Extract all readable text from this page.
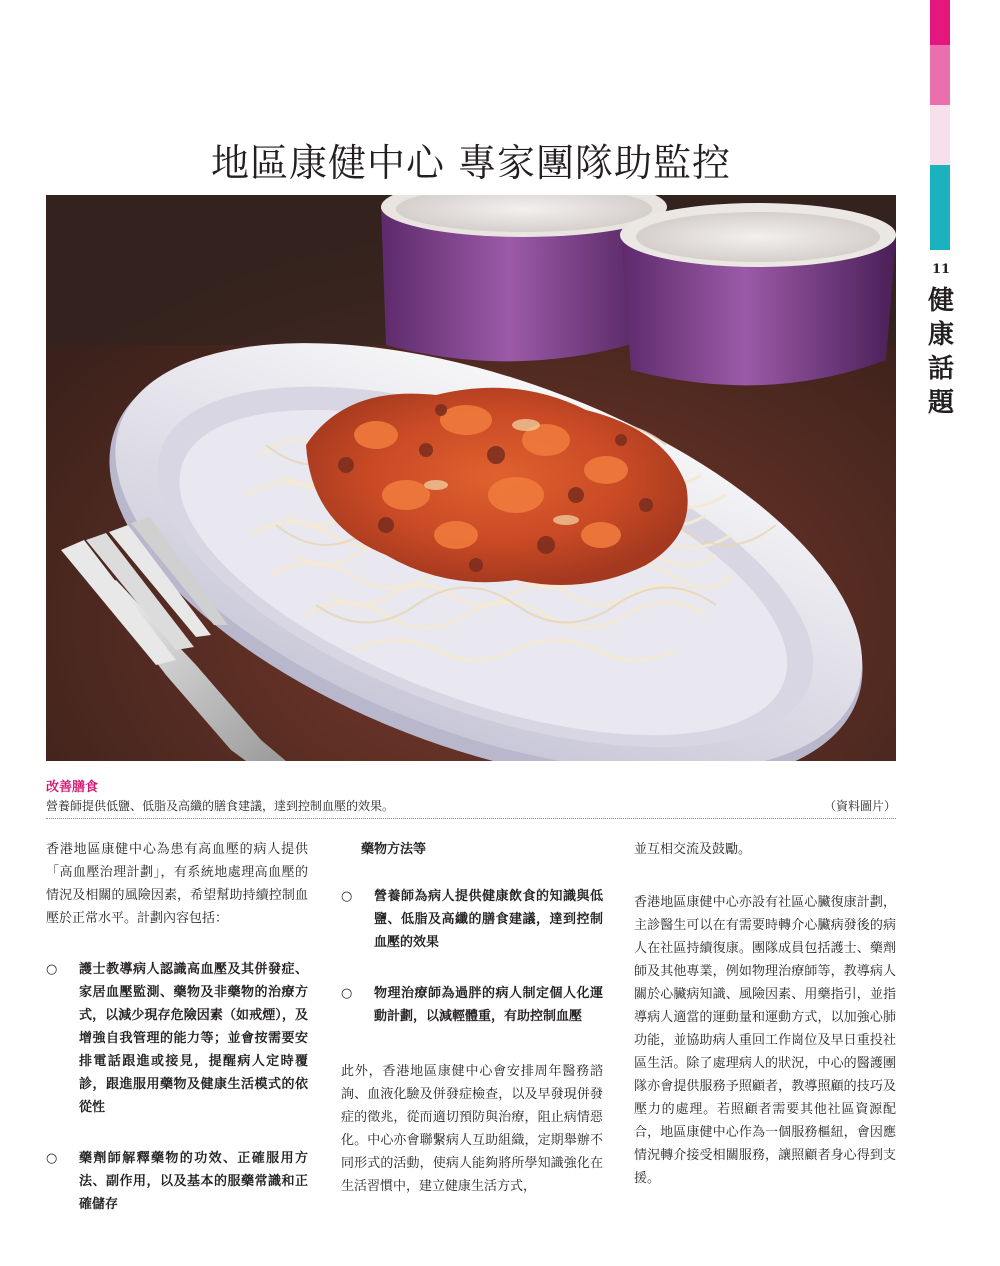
11
健
康
話
題
地區康健中心 專家團隊助監控
改善膳食
營養師提供低鹽、低脂及高纖的膳食建議，達到控制血壓的效果。	（資料圖片）

香港地區康健中心為患有高血壓的病人提供「高血壓治理計劃」，有系統地處理高血壓的情況及相關的風險因素，希望幫助持續控制血壓於正常水平。計劃內容包括：

○ 護士教導病人認識高血壓及其併發症、家居血壓監測、藥物及非藥物的治療方式，以減少現存危險因素（如戒煙），及增強自我管理的能力等；並會按需要安排電話跟進或接見，提醒病人定時覆診，跟進服用藥物及健康生活模式的依從性

○ 藥劑師解釋藥物的功效、正確服用方法、副作用，以及基本的服藥常識和正確儲存

藥物方法等

○ 營養師為病人提供健康飲食的知識與低鹽、低脂及高纖的膳食建議，達到控制血壓的效果

○ 物理治療師為過胖的病人制定個人化運動計劃，以減輕體重，有助控制血壓

此外，香港地區康健中心會安排周年醫務諮詢、血液化驗及併發症檢查，以及早發現併發症的徵兆，從而適切預防與治療，阻止病情惡化。中心亦會聯繫病人互助組織，定期舉辦不同形式的活動，使病人能夠將所學知識強化在生活習慣中，建立健康生活方式，

並互相交流及鼓勵。

香港地區康健中心亦設有社區心臟復康計劃，主診醫生可以在有需要時轉介心臟病發後的病人在社區持續復康。團隊成員包括護士、藥劑師及其他專業，例如物理治療師等，教導病人關於心臟病知識、風險因素、用藥指引，並指導病人適當的運動量和運動方式，以加強心肺功能，並協助病人重回工作崗位及早日重投社區生活。除了處理病人的狀況，中心的醫護團隊亦會提供服務予照顧者，教導照顧的技巧及壓力的處理。若照顧者需要其他社區資源配合，地區康健中心作為一個服務樞紐，會因應情況轉介接受相關服務，讓照顧者身心得到支援。
